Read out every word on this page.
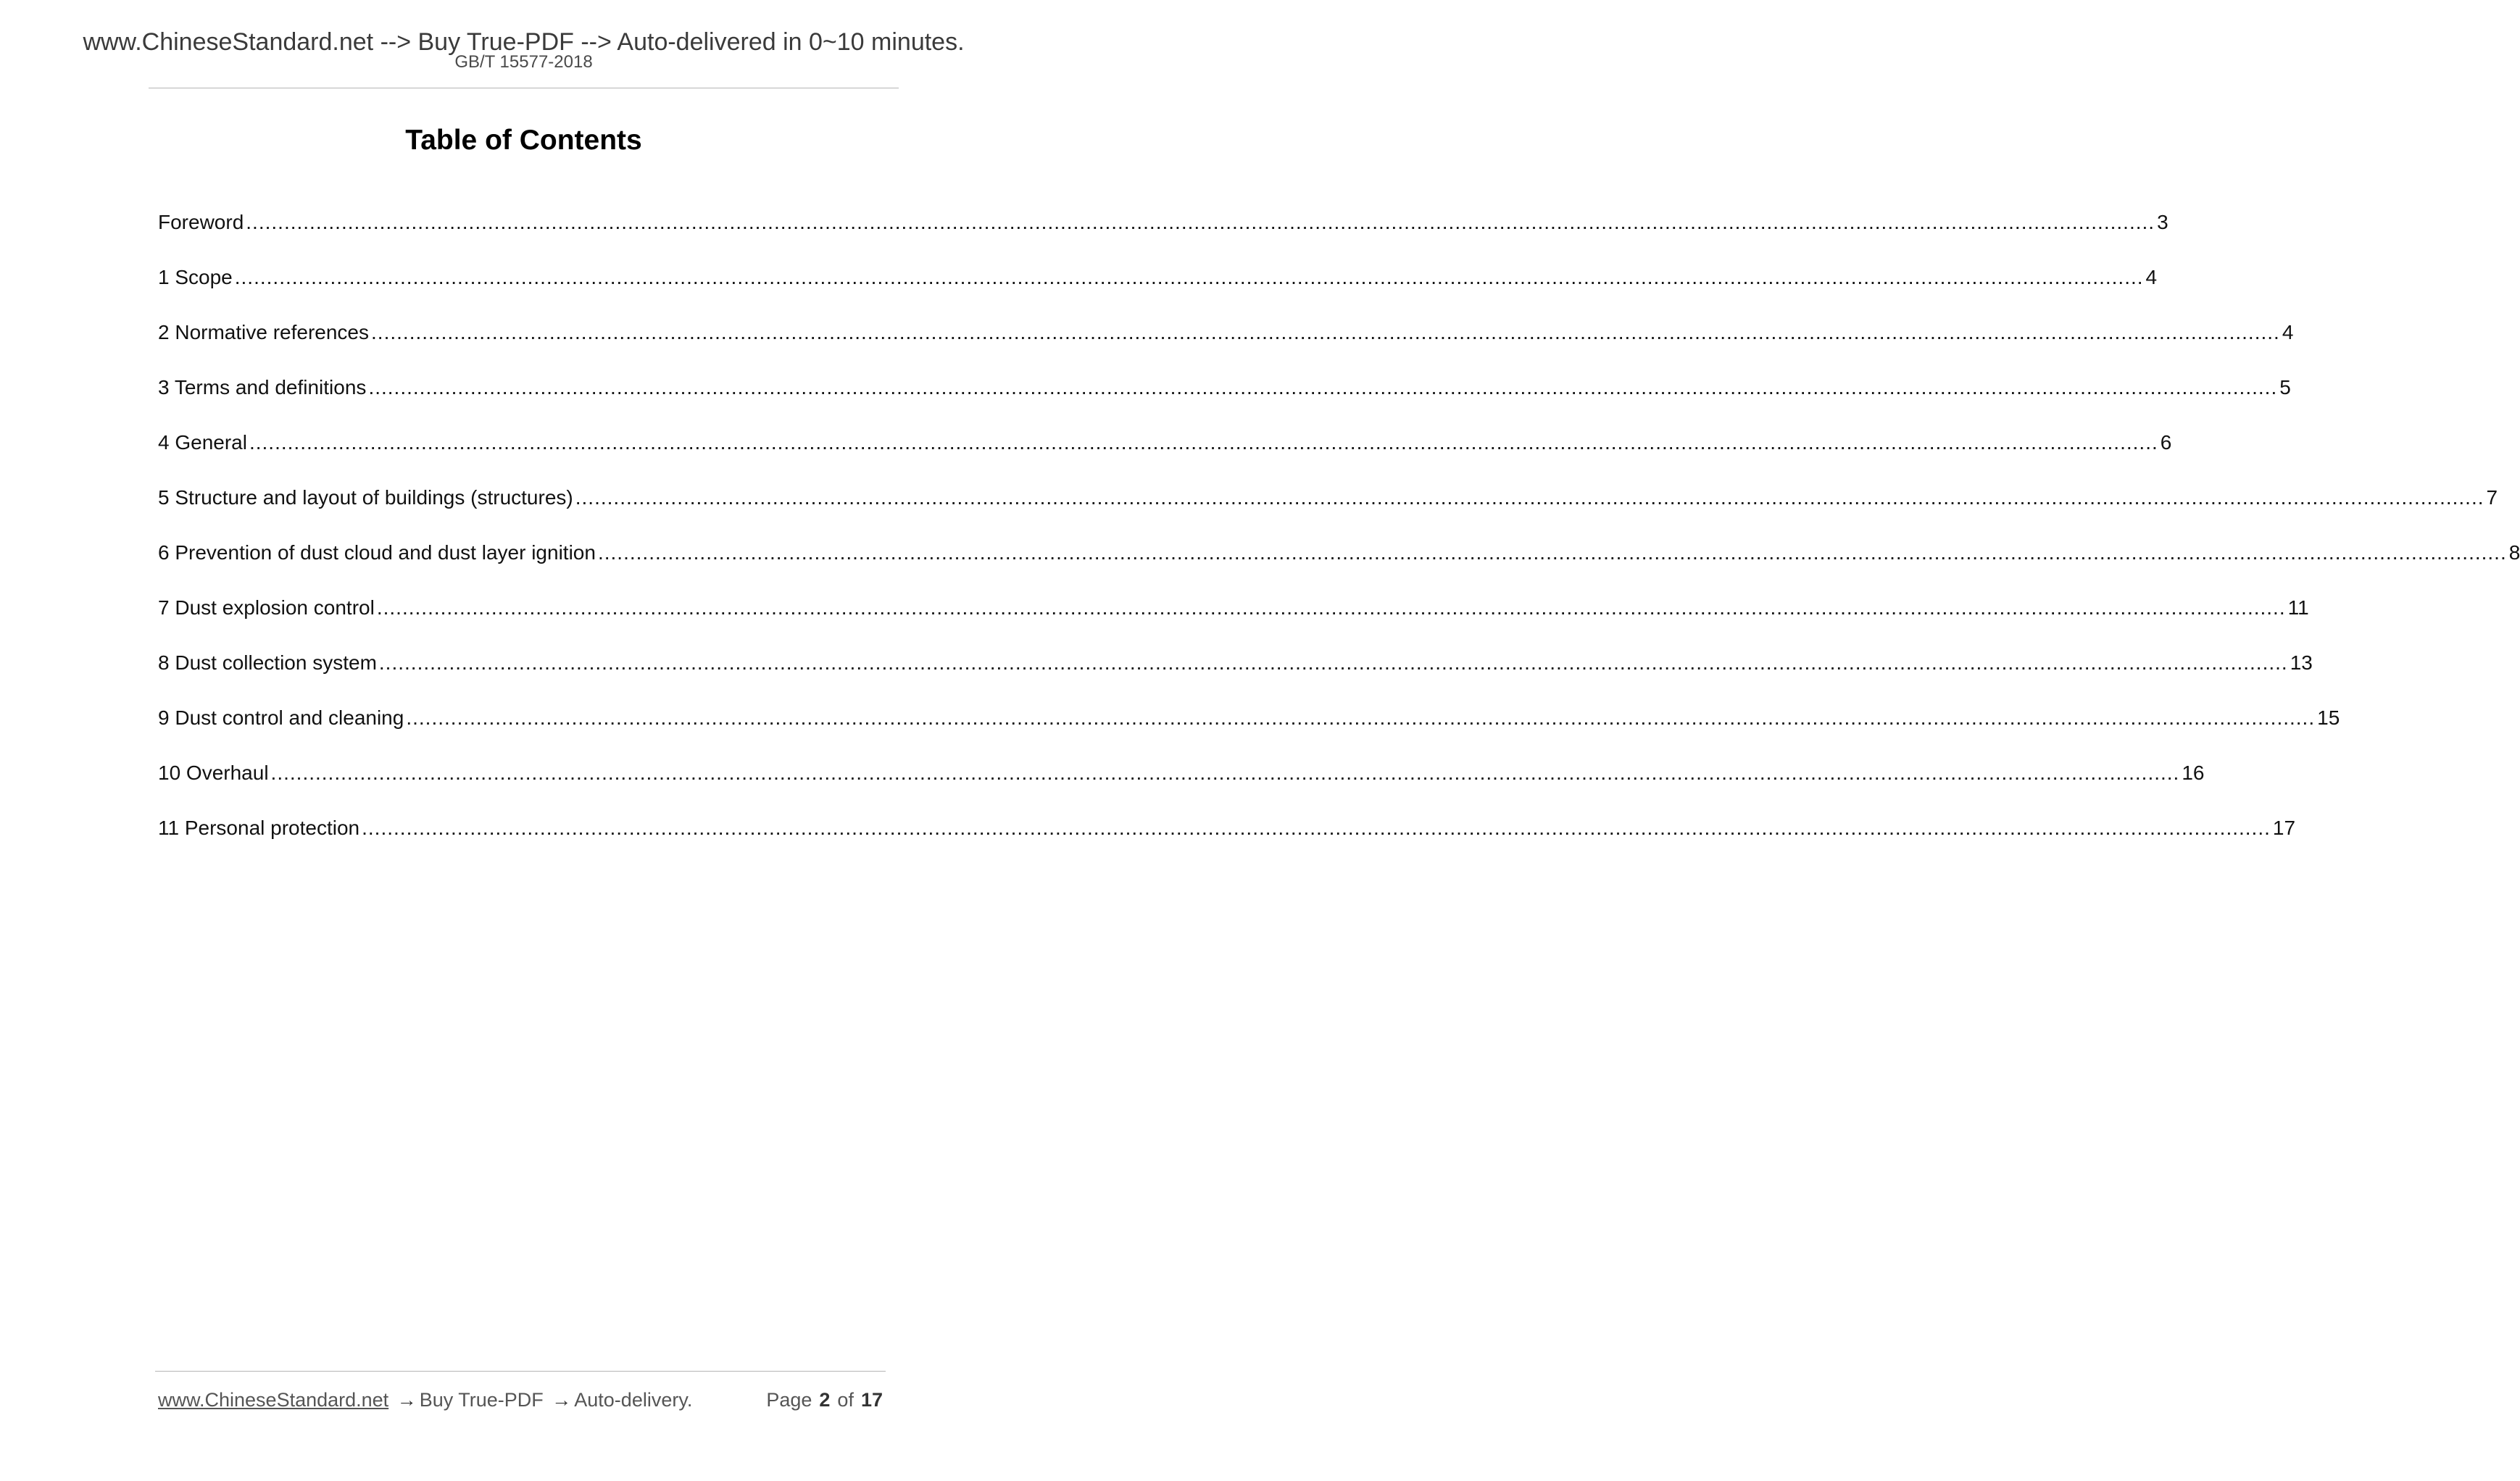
www.ChineseStandard.net --> Buy True-PDF --> Auto-delivered in 0~10 minutes.
GB/T 15577-2018
Table of Contents
Foreword ............................................................................................................................................................................................................................................................................................................ 3
1 Scope ............................................................................................................................................................................................................................................................................................................ 4
2 Normative references ............................................................................................................................................................................................................................................................................................................ 4
3 Terms and definitions ............................................................................................................................................................................................................................................................................................................ 5
4 General ............................................................................................................................................................................................................................................................................................................ 6
5 Structure and layout of buildings (structures) ............................................................................................................................................................................................................................................................................................................ 7
6 Prevention of dust cloud and dust layer ignition ............................................................................................................................................................................................................................................................................................................ 8
7 Dust explosion control ............................................................................................................................................................................................................................................................................................................ 11
8 Dust collection system ............................................................................................................................................................................................................................................................................................................ 13
9 Dust control and cleaning ............................................................................................................................................................................................................................................................................................................ 15
10 Overhaul ............................................................................................................................................................................................................................................................................................................ 16
11 Personal protection ............................................................................................................................................................................................................................................................................................................ 17
www.ChineseStandard.net → Buy True-PDF → Auto-delivery.	Page 2 of 17
